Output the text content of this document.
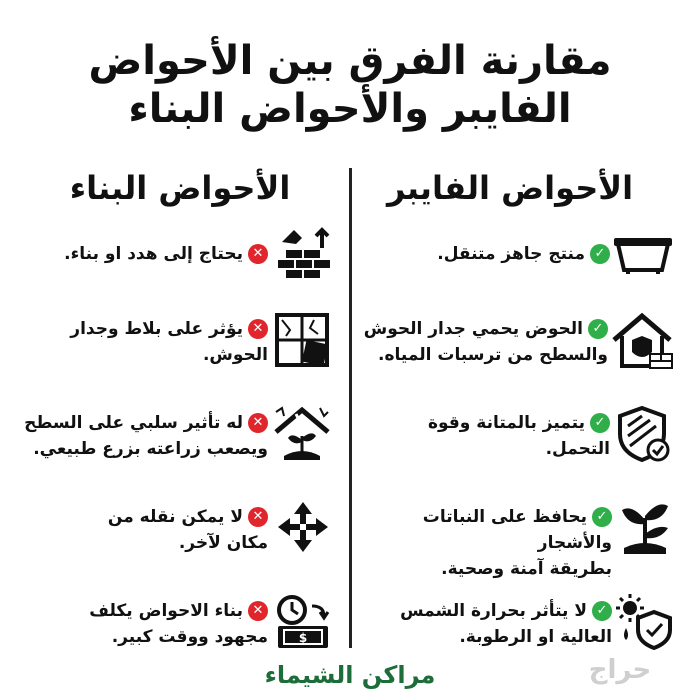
مقارنة الفرق بين الأحواض
الفايبر والأحواض البناء
الأحواض الفايبر
الأحواض البناء
✓منتج جاهز متنقل.
✓الحوض يحمي جدار الحوش
والسطح من ترسبات المياه.
✓يتميز بالمتانة وقوة
التحمل.
✓يحافظ على النباتات والأشجار
بطريقة آمنة وصحية.
✓لا يتأثر بحرارة الشمس
العالية او الرطوبة.
✕يحتاج إلى هدد او بناء.
✕يؤثر على بلاط وجدار
الحوش.
✕له تأثير سلبي على السطح
ويصعب زراعته بزرع طبيعي.
✕لا يمكن نقله من
مكان لآخر.
$
✕بناء الاحواض يكلف
مجهود ووقت كبير.
مراكن الشيماء	حراج
